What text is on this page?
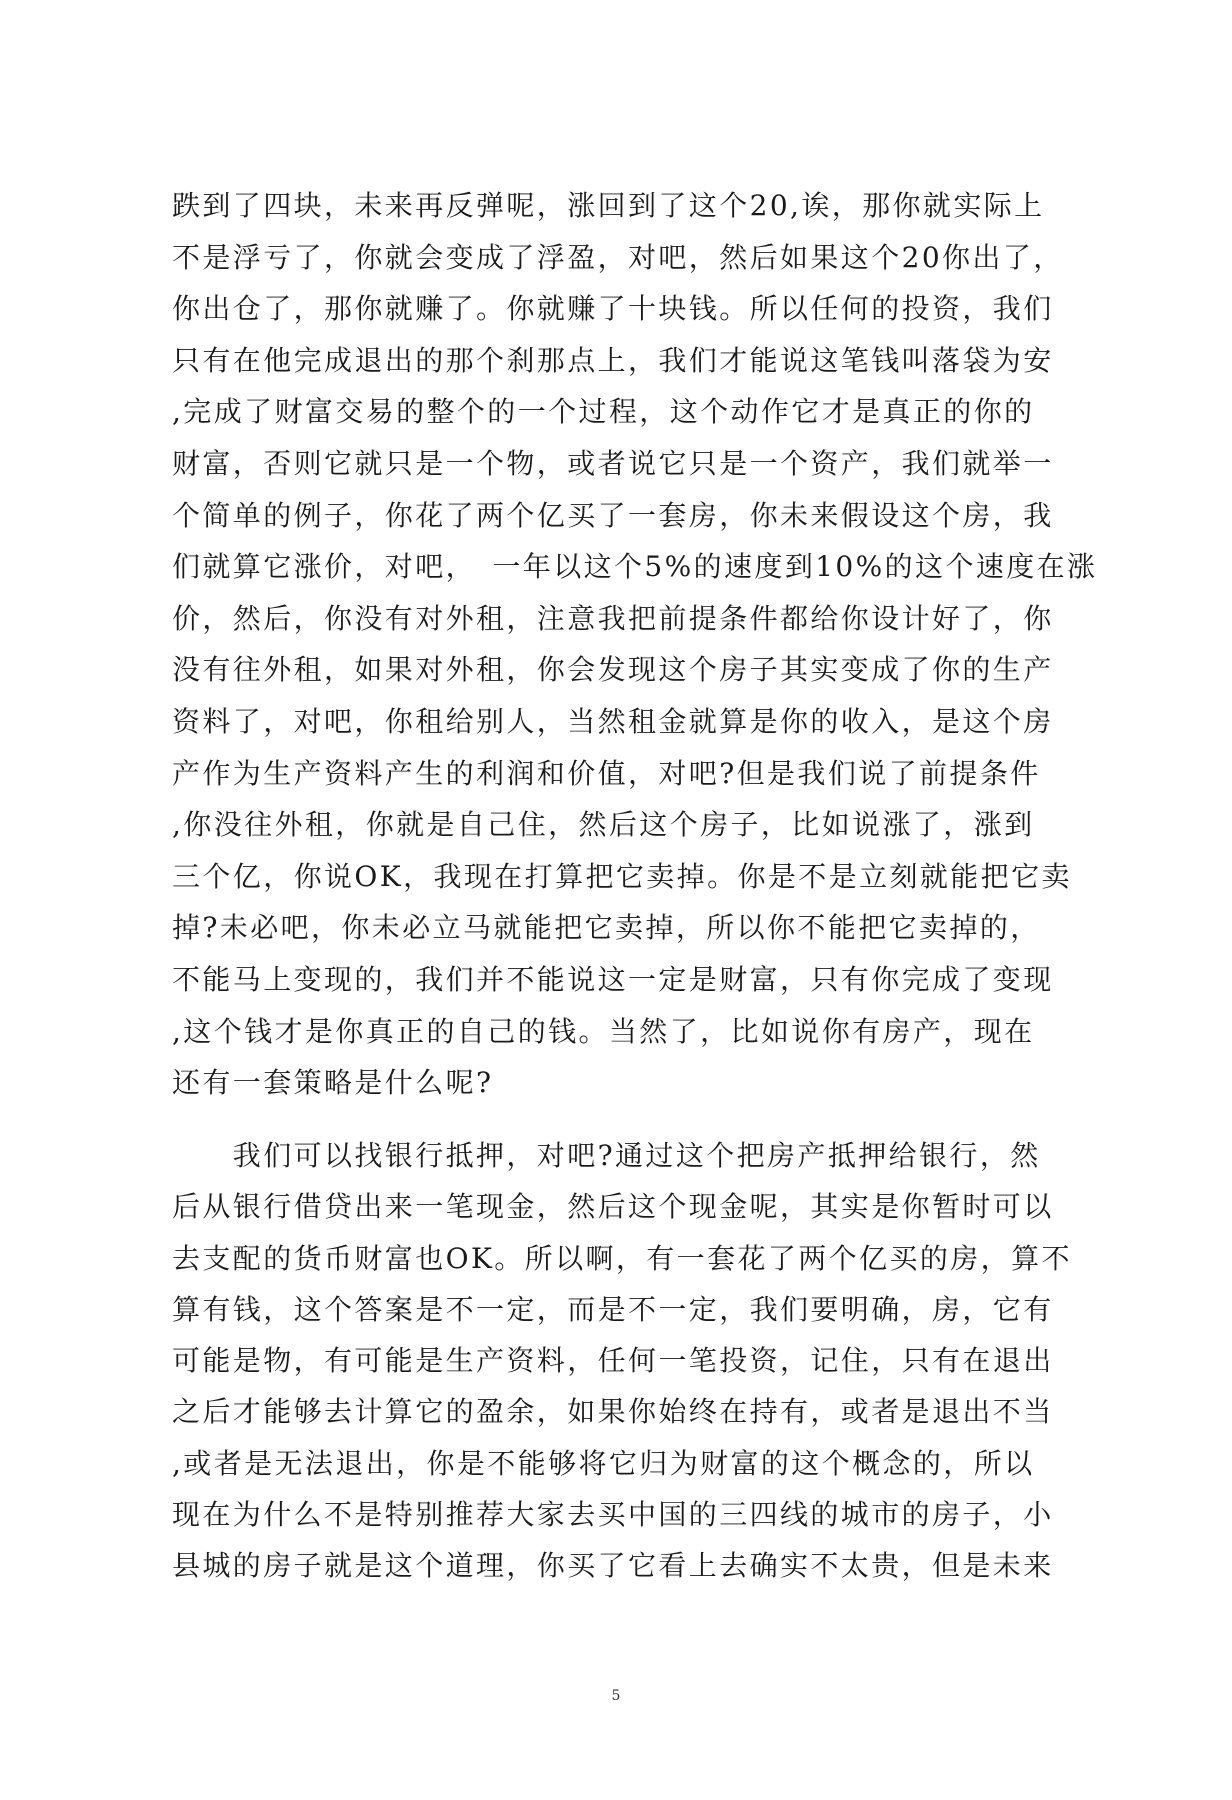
跌到了四块，未来再反弹呢，涨回到了这个20,诶，那你就实际上
不是浮亏了，你就会变成了浮盈，对吧，然后如果这个20你出了，
你出仓了，那你就赚了。你就赚了十块钱。所以任何的投资，我们
只有在他完成退出的那个刹那点上，我们才能说这笔钱叫落袋为安
,完成了财富交易的整个的一个过程，这个动作它才是真正的你的
财富，否则它就只是一个物，或者说它只是一个资产，我们就举一
个简单的例子，你花了两个亿买了一套房，你未来假设这个房，我
们就算它涨价，对吧，　一年以这个5%的速度到10%的这个速度在涨
价，然后，你没有对外租，注意我把前提条件都给你设计好了，你
没有往外租，如果对外租，你会发现这个房子其实变成了你的生产
资料了，对吧，你租给别人，当然租金就算是你的收入，是这个房
产作为生产资料产生的利润和价值，对吧?但是我们说了前提条件
,你没往外租，你就是自己住，然后这个房子，比如说涨了，涨到
三个亿，你说OK，我现在打算把它卖掉。你是不是立刻就能把它卖
掉?未必吧，你未必立马就能把它卖掉，所以你不能把它卖掉的，
不能马上变现的，我们并不能说这一定是财富，只有你完成了变现
,这个钱才是你真正的自己的钱。当然了，比如说你有房产，现在
还有一套策略是什么呢?
　　我们可以找银行抵押，对吧?通过这个把房产抵押给银行，然
后从银行借贷出来一笔现金，然后这个现金呢，其实是你暂时可以
去支配的货币财富也OK。所以啊，有一套花了两个亿买的房，算不
算有钱，这个答案是不一定，而是不一定，我们要明确，房，它有
可能是物，有可能是生产资料，任何一笔投资，记住，只有在退出
之后才能够去计算它的盈余，如果你始终在持有，或者是退出不当
,或者是无法退出，你是不能够将它归为财富的这个概念的，所以
现在为什么不是特别推荐大家去买中国的三四线的城市的房子，小
县城的房子就是这个道理，你买了它看上去确实不太贵，但是未来
5
